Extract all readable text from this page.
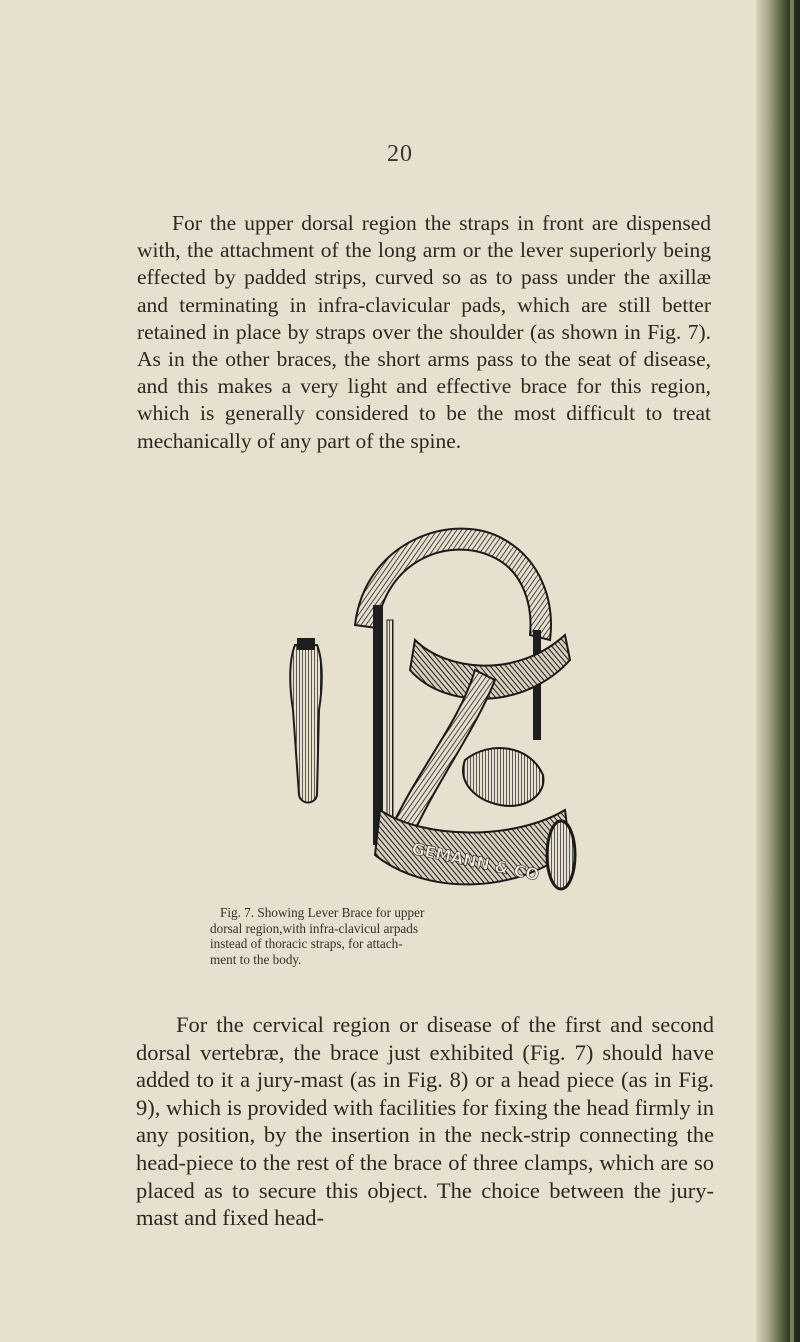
20

For the upper dorsal region the straps in front are dispensed with, the attachment of the long arm or the lever superiorly being effected by padded strips, curved so as to pass under the axillæ and terminating in infra-clavicular pads, which are still better retained in place by straps over the shoulder (as shown in Fig. 7). As in the other braces, the short arms pass to the seat of disease, and this makes a very light and effective brace for this region, which is generally considered to be the most difficult to treat mechanically of any part of the spine.

GEMANN & CO
Fig. 7. Showing Lever Brace for upper
dorsal region,with infra-clavicul arpads
instead of thoracic straps, for attach-
ment to the body.

For the cervical region or disease of the first and second dorsal vertebræ, the brace just exhibited (Fig. 7) should have added to it a jury-mast (as in Fig. 8) or a head piece (as in Fig. 9), which is provided with facilities for fixing the head firmly in any position, by the insertion in the neck-strip connecting the head-piece to the rest of the brace of three clamps, which are so placed as to secure this object. The choice between the jury-mast and fixed head-
